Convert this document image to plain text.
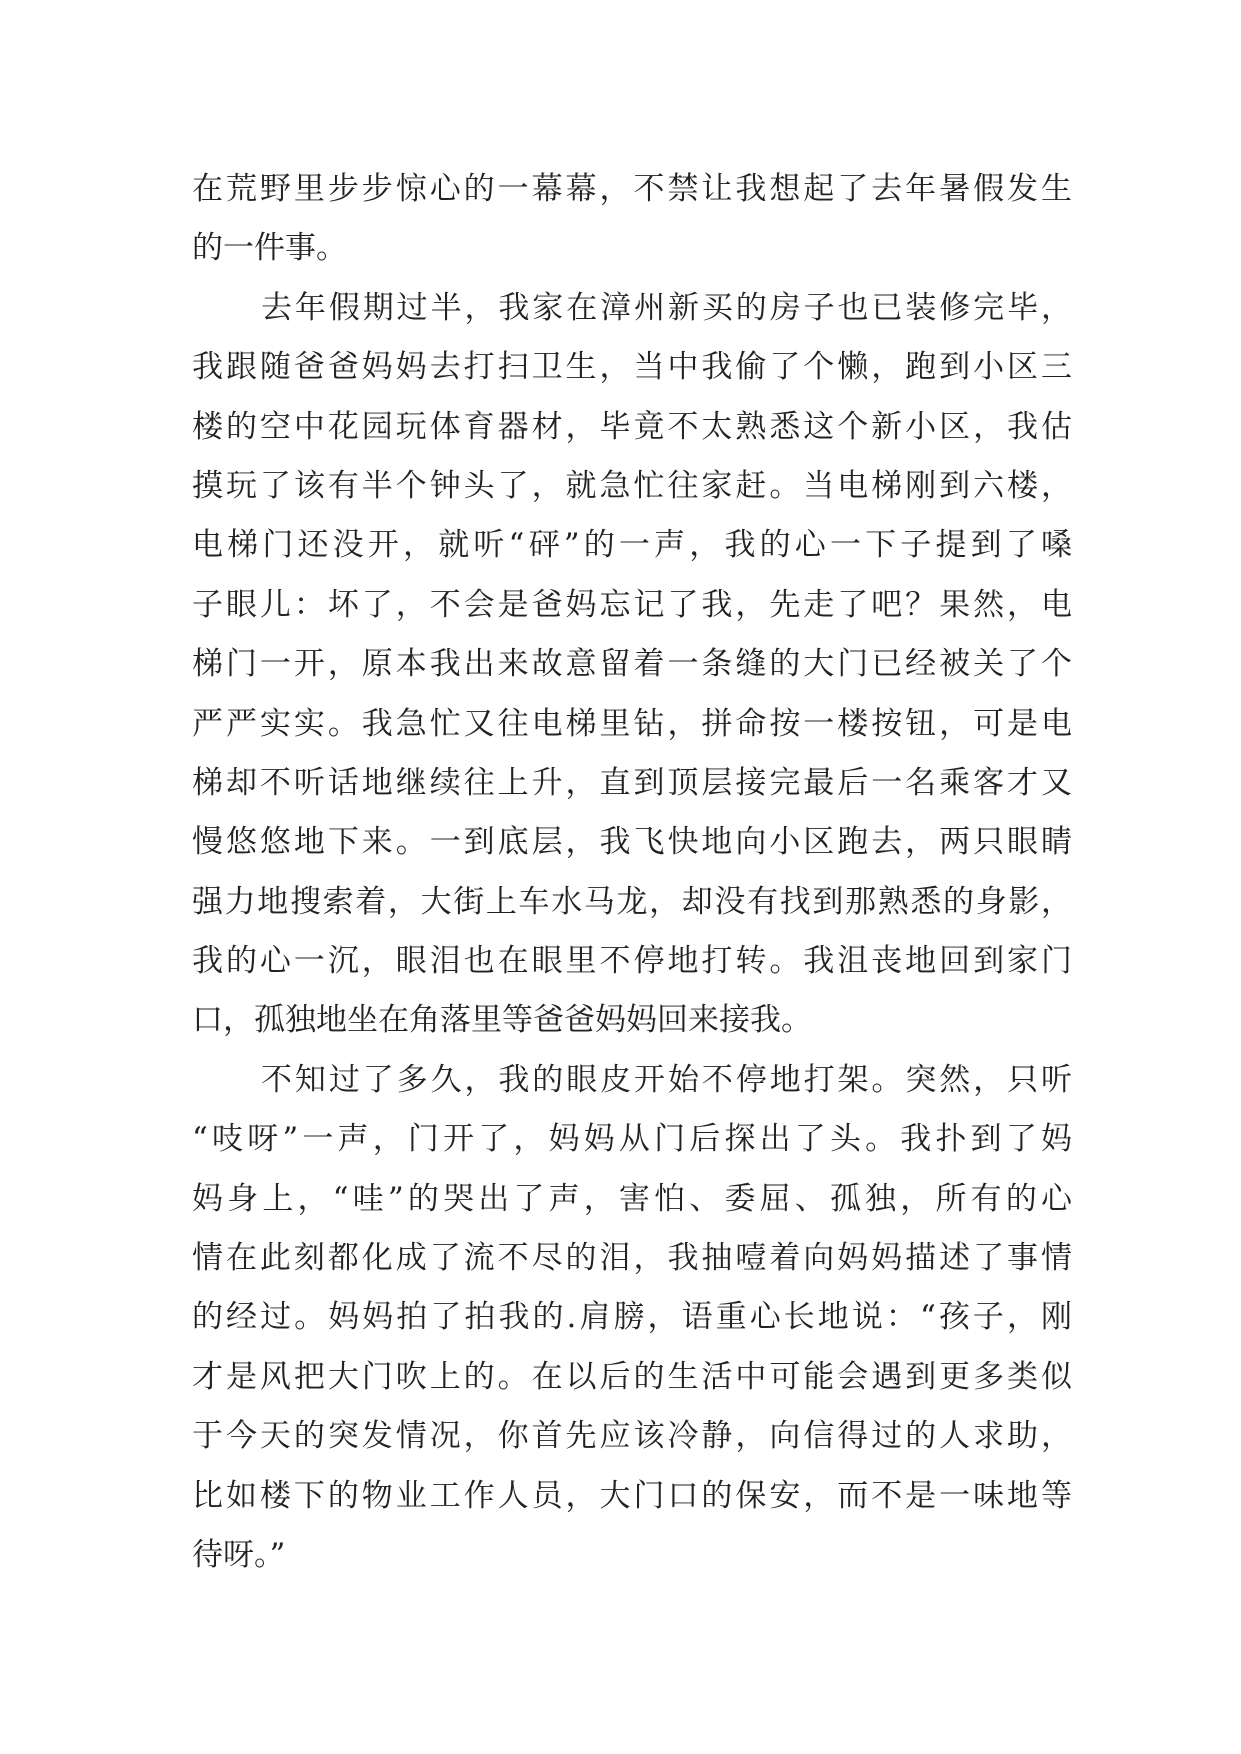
在荒野里步步惊心的一幕幕，不禁让我想起了去年暑假发生
的一件事。
去年假期过半，我家在漳州新买的房子也已装修完毕，
我跟随爸爸妈妈去打扫卫生，当中我偷了个懒，跑到小区三
楼的空中花园玩体育器材，毕竟不太熟悉这个新小区，我估
摸玩了该有半个钟头了，就急忙往家赶。当电梯刚到六楼，
电梯门还没开，就听“砰”的一声，我的心一下子提到了嗓
子眼儿：坏了，不会是爸妈忘记了我，先走了吧？果然，电
梯门一开，原本我出来故意留着一条缝的大门已经被关了个
严严实实。我急忙又往电梯里钻，拼命按一楼按钮，可是电
梯却不听话地继续往上升，直到顶层接完最后一名乘客才又
慢悠悠地下来。一到底层，我飞快地向小区跑去，两只眼睛
强力地搜索着，大街上车水马龙，却没有找到那熟悉的身影，
我的心一沉，眼泪也在眼里不停地打转。我沮丧地回到家门
口，孤独地坐在角落里等爸爸妈妈回来接我。
不知过了多久，我的眼皮开始不停地打架。突然，只听
“吱呀”一声，门开了，妈妈从门后探出了头。我扑到了妈
妈身上，“哇”的哭出了声，害怕、委屈、孤独，所有的心
情在此刻都化成了流不尽的泪，我抽噎着向妈妈描述了事情
的经过。妈妈拍了拍我的.肩膀，语重心长地说：“孩子，刚
才是风把大门吹上的。在以后的生活中可能会遇到更多类似
于今天的突发情况，你首先应该冷静，向信得过的人求助，
比如楼下的物业工作人员，大门口的保安，而不是一味地等
待呀。”
